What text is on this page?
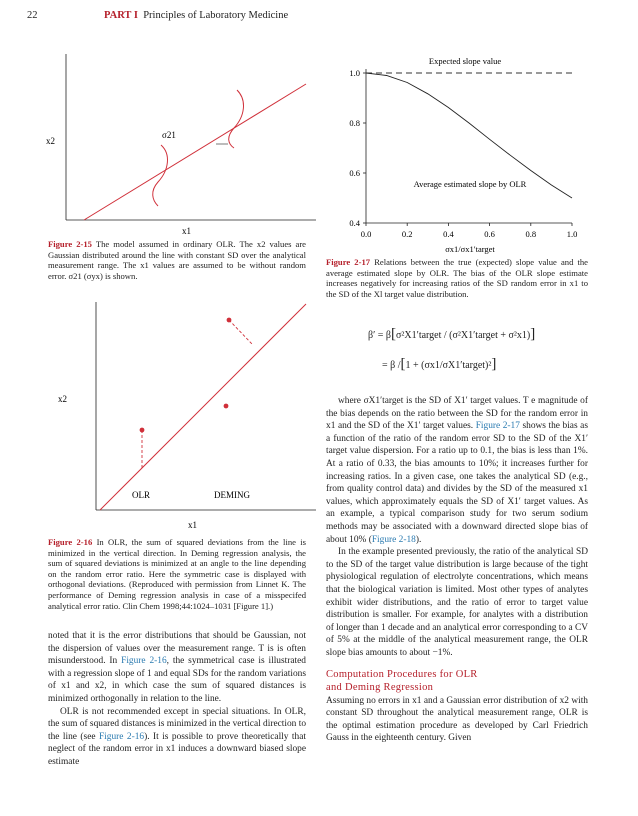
22	PART I Principles of Laboratory Medicine
σ21
x2
x1
Figure 2-15 The model assumed in ordinary OLR. The x2 values are Gaussian distributed around the line with constant SD over the analytical measurement range. The x1 values are assumed to be without random error. σ21 (σyx) is shown.
OLR	DEMING
x2
x1
Figure 2-16 In OLR, the sum of squared deviations from the line is minimized in the vertical direction. In Deming regression analysis, the sum of squared deviations is minimized at an angle to the line depending on the random error ratio. Here the symmetric case is displayed with orthogonal deviations. (Reproduced with permission from Linnet K. The performance of Deming regression analysis in case of a misspecifed analytical error ratio. Clin Chem 1998;44:1024–1031 [Figure 1].)
Expected slope value
Average estimated slope by OLR
σx1/σx1′target
0.0	0.2	0.4	0.6	0.8	1.0
0.4
0.6
0.8
1.0
Figure 2-17 Relations between the true (expected) slope value and the average estimated slope by OLR. The bias of the OLR slope estimate increases negatively for increasing ratios of the SD random error in x1 to the SD of the Xl target value distribution.
β′ = β[σ²X1′target / (σ²X1′target + σ²x1)]
= β /[1 + (σx1/σX1′target)²]

noted that it is the error distributions that should be Gaussian, not the dispersion of values over the measurement range. T is is often misunderstood. In Figure 2-16, the symmetrical case is illustrated with a regression slope of 1 and equal SDs for the random variations of x1 and x2, in which case the sum of squared distances is minimized orthogonally in relation to the line.

OLR is not recommended except in special situations. In OLR, the sum of squared distances is minimized in the vertical direction to the line (see Figure 2-16). It is possible to prove theoretically that neglect of the random error in x1 induces a downward biased slope estimate

where σX1′target is the SD of X1′ target values. T e magnitude of the bias depends on the ratio between the SD for the random error in x1 and the SD of the X1′ target values. Figure 2-17 shows the bias as a function of the ratio of the random error SD to the SD of the X1′ target value dispersion. For a ratio up to 0.1, the bias is less than 1%. At a ratio of 0.33, the bias amounts to 10%; it increases further for increasing ratios. In a given case, one takes the analytical SD (e.g., from quality control data) and divides by the SD of the measured x1 values, which approximately equals the SD of X1′ target values. As an example, a typical comparison study for two serum sodium methods may be associated with a downward directed slope bias of about 10% (Figure 2-18).

In the example presented previously, the ratio of the analytical SD to the SD of the target value distribution is large because of the tight physiological regulation of electrolyte concentrations, which means that the biological variation is limited. Most other types of analytes exhibit wider distributions, and the ratio of error to target value distribution is smaller. For example, for analytes with a distribution of longer than 1 decade and an analytical error corresponding to a CV of 5% at the middle of the analytical measurement range, the OLR slope bias amounts to about −1%.

Computation Procedures for OLR
and Deming Regression

Assuming no errors in x1 and a Gaussian error distribution of x2 with constant SD throughout the analytical measurement range, OLR is the optimal estimation procedure as developed by Carl Friedrich Gauss in the eighteenth century. Given
